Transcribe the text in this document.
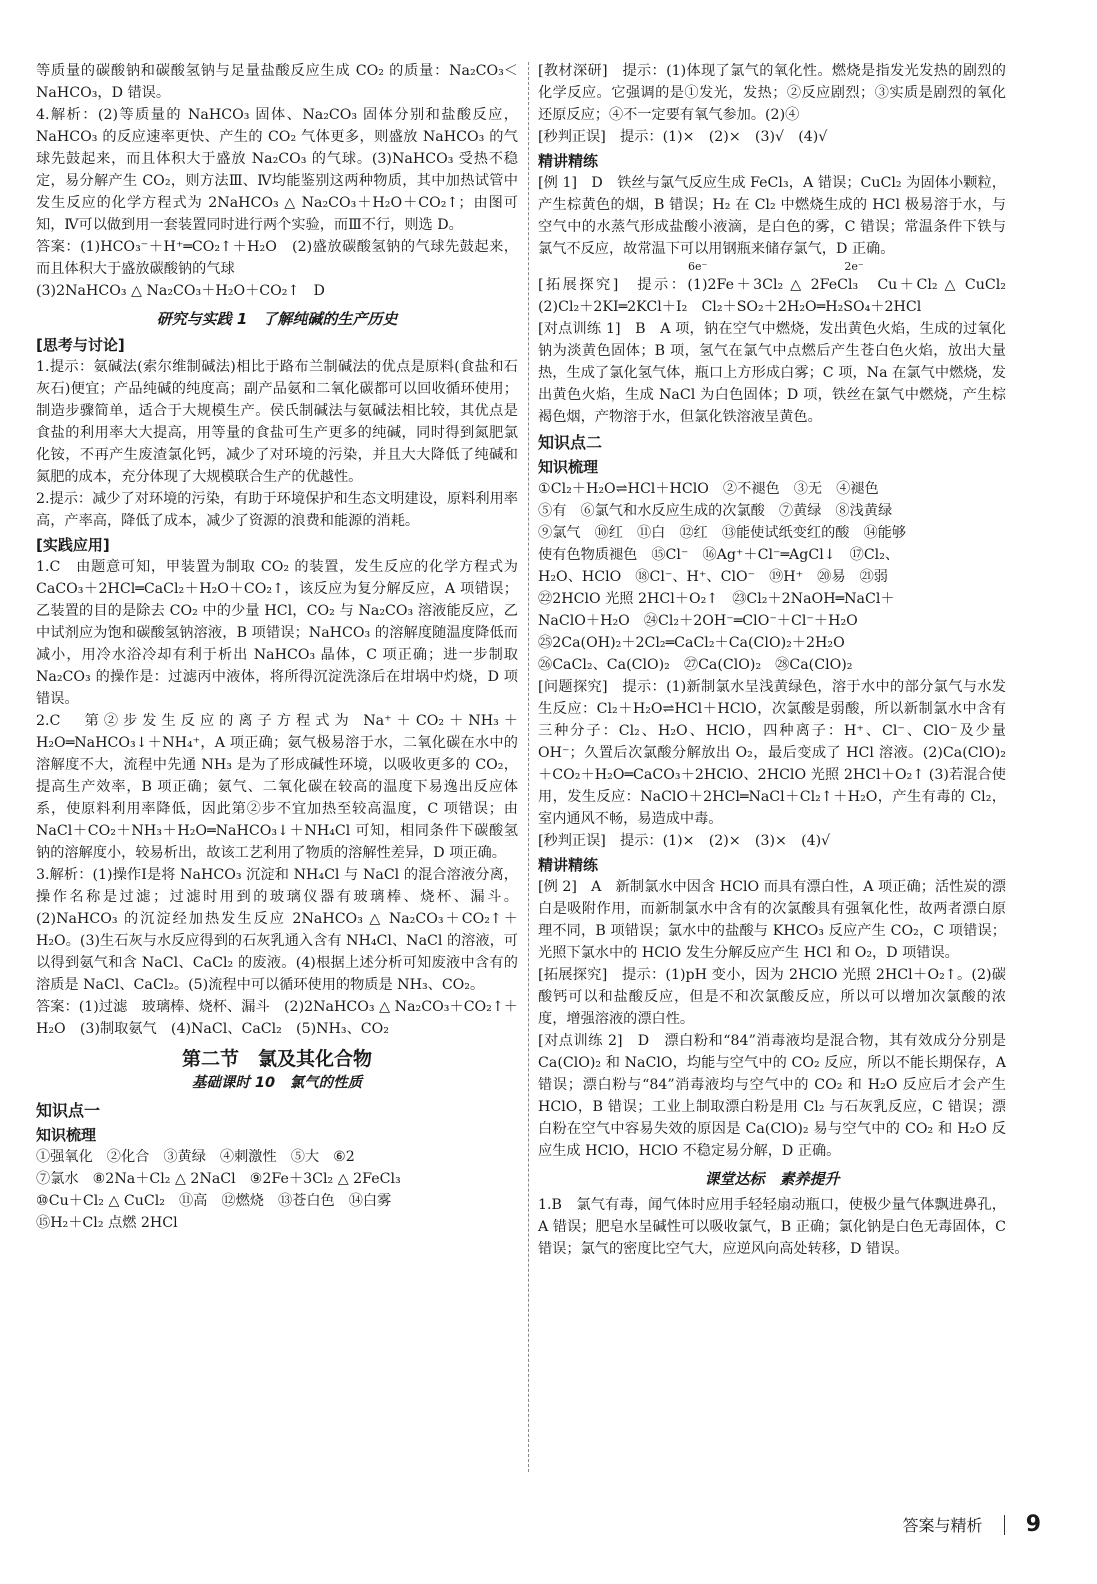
等质量的碳酸钠和碳酸氢钠与足量盐酸反应生成 CO₂ 的质量：Na₂CO₃＜NaHCO₃，D 错误。

4.解析：(2)等质量的 NaHCO₃ 固体、Na₂CO₃ 固体分别和盐酸反应，NaHCO₃ 的反应速率更快、产生的 CO₂ 气体更多，则盛放 NaHCO₃ 的气球先鼓起来，而且体积大于盛放 Na₂CO₃ 的气球。(3)NaHCO₃ 受热不稳定，易分解产生 CO₂，则方法Ⅲ、Ⅳ均能鉴别这两种物质，其中加热试管中发生反应的化学方程式为 2NaHCO₃ △ Na₂CO₃＋H₂O＋CO₂↑；由图可知，Ⅳ可以做到用一套装置同时进行两个实验，而Ⅲ不行，则选 D。

答案：(1)HCO₃⁻＋H⁺═CO₂↑＋H₂O　(2)盛放碳酸氢钠的气球先鼓起来，而且体积大于盛放碳酸钠的气球

(3)2NaHCO₃ △ Na₂CO₃＋H₂O＋CO₂↑　D

研究与实践 1　了解纯碱的生产历史
[思考与讨论]

1.提示：氨碱法(索尔维制碱法)相比于路布兰制碱法的优点是原料(食盐和石灰石)便宜；产品纯碱的纯度高；副产品氨和二氧化碳都可以回收循环使用；制造步骤简单，适合于大规模生产。侯氏制碱法与氨碱法相比较，其优点是食盐的利用率大大提高，用等量的食盐可生产更多的纯碱，同时得到氮肥氯化铵，不再产生废渣氯化钙，减少了对环境的污染，并且大大降低了纯碱和氮肥的成本，充分体现了大规模联合生产的优越性。

2.提示：减少了对环境的污染，有助于环境保护和生态文明建设，原料利用率高，产率高，降低了成本，减少了资源的浪费和能源的消耗。

[实践应用]

1.C　由题意可知，甲装置为制取 CO₂ 的装置，发生反应的化学方程式为 CaCO₃＋2HCl═CaCl₂＋H₂O＋CO₂↑，该反应为复分解反应，A 项错误；乙装置的目的是除去 CO₂ 中的少量 HCl，CO₂ 与 Na₂CO₃ 溶液能反应，乙中试剂应为饱和碳酸氢钠溶液，B 项错误；NaHCO₃ 的溶解度随温度降低而减小，用冷水浴冷却有利于析出 NaHCO₃ 晶体，C 项正确；进一步制取 Na₂CO₃ 的操作是：过滤丙中液体，将所得沉淀洗涤后在坩埚中灼烧，D 项错误。

2.C　第②步发生反应的离子方程式为 Na⁺＋CO₂＋NH₃＋H₂O═NaHCO₃↓＋NH₄⁺，A 项正确；氨气极易溶于水，二氧化碳在水中的溶解度不大，流程中先通 NH₃ 是为了形成碱性环境，以吸收更多的 CO₂，提高生产效率，B 项正确；氨气、二氧化碳在较高的温度下易逸出反应体系，使原料利用率降低，因此第②步不宜加热至较高温度，C 项错误；由 NaCl＋CO₂＋NH₃＋H₂O═NaHCO₃↓＋NH₄Cl 可知，相同条件下碳酸氢钠的溶解度小，较易析出，故该工艺利用了物质的溶解性差异，D 项正确。

3.解析：(1)操作Ⅰ是将 NaHCO₃ 沉淀和 NH₄Cl 与 NaCl 的混合溶液分离，操作名称是过滤；过滤时用到的玻璃仪器有玻璃棒、烧杯、漏斗。(2)NaHCO₃ 的沉淀经加热发生反应 2NaHCO₃ △ Na₂CO₃＋CO₂↑＋H₂O。(3)生石灰与水反应得到的石灰乳通入含有 NH₄Cl、NaCl 的溶液，可以得到氨气和含 NaCl、CaCl₂ 的废液。(4)根据上述分析可知废液中含有的溶质是 NaCl、CaCl₂。(5)流程中可以循环使用的物质是 NH₃、CO₂。

答案：(1)过滤　玻璃棒、烧杯、漏斗　(2)2NaHCO₃ △ Na₂CO₃＋CO₂↑＋H₂O　(3)制取氨气　(4)NaCl、CaCl₂　(5)NH₃、CO₂

第二节　氯及其化合物
基础课时 10　氯气的性质
知识点一
知识梳理
①强氧化 ②化合 ③黄绿 ④刺激性 ⑤大 ⑥2
⑦氯水 ⑧2Na＋Cl₂ △ 2NaCl ⑨2Fe＋3Cl₂ △ 2FeCl₃
⑩Cu＋Cl₂ △ CuCl₂ ⑪高 ⑫燃烧 ⑬苍白色 ⑭白雾
⑮H₂＋Cl₂ 点燃 2HCl

[教材深研]　提示：(1)体现了氯气的氧化性。燃烧是指发光发热的剧烈的化学反应。它强调的是①发光，发热；②反应剧烈；③实质是剧烈的氧化还原反应；④不一定要有氧气参加。(2)④

[秒判正误]　提示：(1)×　(2)×　(3)√　(4)√

精讲精练

[例 1]　D　铁丝与氯气反应生成 FeCl₃，A 错误；CuCl₂ 为固体小颗粒，产生棕黄色的烟，B 错误；H₂ 在 Cl₂ 中燃烧生成的 HCl 极易溶于水，与空气中的水蒸气形成盐酸小液滴，是白色的雾，C 错误；常温条件下铁与氯气不反应，故常温下可以用钢瓶来储存氯气，D 正确。

6e⁻	2e⁻

[拓展探究]　提示：(1)2Fe＋3Cl₂ △ 2FeCl₃　Cu＋Cl₂ △ CuCl₂　(2)Cl₂＋2KI═2KCl＋I₂　Cl₂＋SO₂＋2H₂O═H₂SO₄＋2HCl

[对点训练 1]　B　A 项，钠在空气中燃烧，发出黄色火焰，生成的过氧化钠为淡黄色固体；B 项，氢气在氯气中点燃后产生苍白色火焰，放出大量热，生成了氯化氢气体，瓶口上方形成白雾；C 项，Na 在氯气中燃烧，发出黄色火焰，生成 NaCl 为白色固体；D 项，铁丝在氯气中燃烧，产生棕褐色烟，产物溶于水，但氯化铁溶液呈黄色。

知识点二
知识梳理
①Cl₂＋H₂O⇌HCl＋HClO ②不褪色 ③无 ④褪色
⑤有 ⑥氯气和水反应生成的次氯酸 ⑦黄绿 ⑧浅黄绿
⑨氯气 ⑩红 ⑪白 ⑫红 ⑬能使试纸变红的酸 ⑭能够
使有色物质褪色 ⑮Cl⁻ ⑯Ag⁺＋Cl⁻═AgCl↓ ⑰Cl₂、
H₂O、HClO ⑱Cl⁻、H⁺、ClO⁻ ⑲H⁺ ⑳易 ㉑弱
㉒2HClO 光照 2HCl＋O₂↑ ㉓Cl₂＋2NaOH═NaCl＋
NaClO＋H₂O ㉔Cl₂＋2OH⁻═ClO⁻＋Cl⁻＋H₂O
㉕2Ca(OH)₂＋2Cl₂═CaCl₂＋Ca(ClO)₂＋2H₂O
㉖CaCl₂、Ca(ClO)₂ ㉗Ca(ClO)₂ ㉘Ca(ClO)₂

[问题探究]　提示：(1)新制氯水呈浅黄绿色，溶于水中的部分氯气与水发生反应：Cl₂＋H₂O⇌HCl＋HClO，次氯酸是弱酸，所以新制氯水中含有三种分子：Cl₂、H₂O、HClO，四种离子：H⁺、Cl⁻、ClO⁻及少量 OH⁻；久置后次氯酸分解放出 O₂，最后变成了 HCl 溶液。(2)Ca(ClO)₂＋CO₂＋H₂O═CaCO₃＋2HClO、2HClO 光照 2HCl＋O₂↑ (3)若混合使用，发生反应：NaClO＋2HCl═NaCl＋Cl₂↑＋H₂O，产生有毒的 Cl₂，室内通风不畅，易造成中毒。

[秒判正误]　提示：(1)×　(2)×　(3)×　(4)√

精讲精练

[例 2]　A　新制氯水中因含 HClO 而具有漂白性，A 项正确；活性炭的漂白是吸附作用，而新制氯水中含有的次氯酸具有强氧化性，故两者漂白原理不同，B 项错误；氯水中的盐酸与 KHCO₃ 反应产生 CO₂，C 项错误；光照下氯水中的 HClO 发生分解反应产生 HCl 和 O₂，D 项错误。

[拓展探究]　提示：(1)pH 变小，因为 2HClO 光照 2HCl＋O₂↑。(2)碳酸钙可以和盐酸反应，但是不和次氯酸反应，所以可以增加次氯酸的浓度，增强溶液的漂白性。

[对点训练 2]　D　漂白粉和“84”消毒液均是混合物，其有效成分分别是 Ca(ClO)₂ 和 NaClO，均能与空气中的 CO₂ 反应，所以不能长期保存，A 错误；漂白粉与“84”消毒液均与空气中的 CO₂ 和 H₂O 反应后才会产生 HClO，B 错误；工业上制取漂白粉是用 Cl₂ 与石灰乳反应，C 错误；漂白粉在空气中容易失效的原因是 Ca(ClO)₂ 易与空气中的 CO₂ 和 H₂O 反应生成 HClO，HClO 不稳定易分解，D 正确。

课堂达标　素养提升

1.B　氯气有毒，闻气体时应用手轻轻扇动瓶口，使极少量气体飘进鼻孔，A 错误；肥皂水呈碱性可以吸收氯气，B 正确；氯化钠是白色无毒固体，C 错误；氯气的密度比空气大，应逆风向高处转移，D 错误。

答案与精析 9
